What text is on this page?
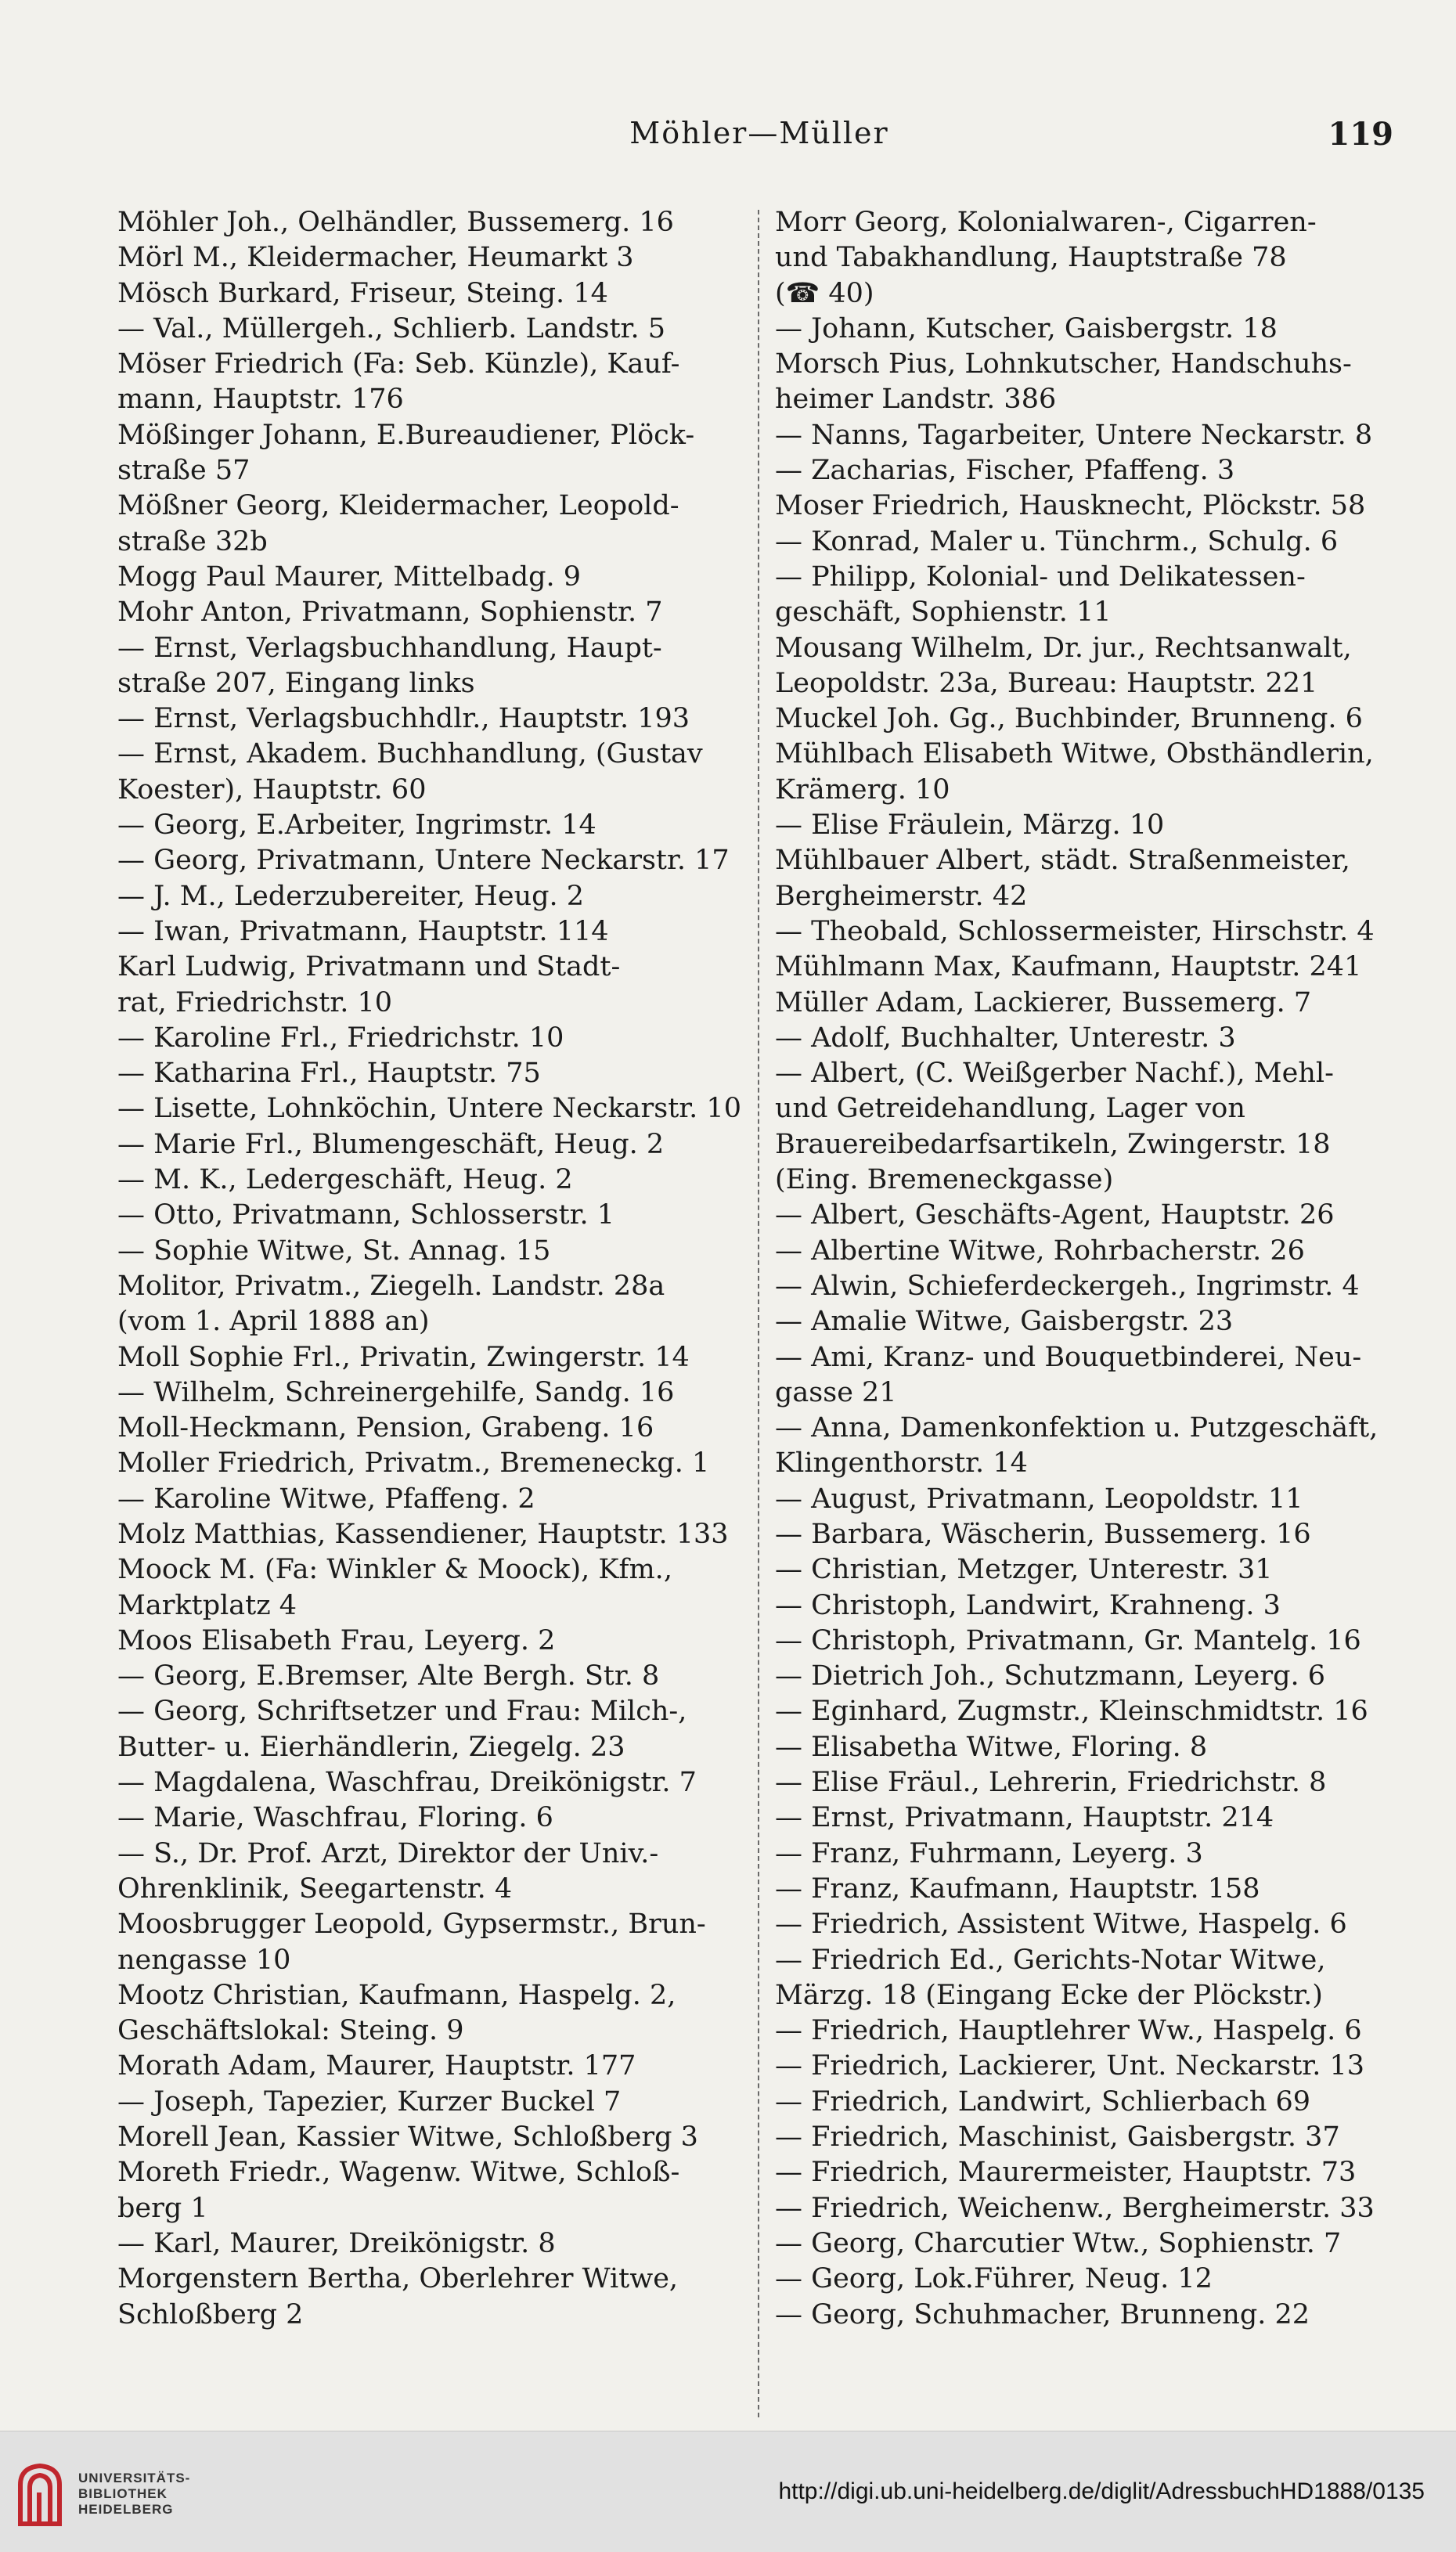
Möhler—Müller	119

Möhler Joh., Oelhändler, Bussemerg. 16

Mörl M., Kleidermacher, Heumarkt 3

Mösch Burkard, Friseur, Steing. 14

— Val., Müllergeh., Schlierb. Landstr. 5

Möser Friedrich (Fa: Seb. Künzle), Kauf-

mann, Hauptstr. 176

Mößinger Johann, E.Bureaudiener, Plöck-

straße 57

Mößner Georg, Kleidermacher, Leopold-

straße 32b

Mogg Paul Maurer, Mittelbadg. 9

Mohr Anton, Privatmann, Sophienstr. 7

— Ernst, Verlagsbuchhandlung, Haupt-

straße 207, Eingang links

— Ernst, Verlagsbuchhdlr., Hauptstr. 193

— Ernst, Akadem. Buchhandlung, (Gustav

Koester), Hauptstr. 60

— Georg, E.Arbeiter, Ingrimstr. 14

— Georg, Privatmann, Untere Neckarstr. 17

— J. M., Lederzubereiter, Heug. 2

— Iwan, Privatmann, Hauptstr. 114

Karl Ludwig, Privatmann und Stadt-

rat, Friedrichstr. 10

— Karoline Frl., Friedrichstr. 10

— Katharina Frl., Hauptstr. 75

— Lisette, Lohnköchin, Untere Neckarstr. 10

— Marie Frl., Blumengeschäft, Heug. 2

— M. K., Ledergeschäft, Heug. 2

— Otto, Privatmann, Schlosserstr. 1

— Sophie Witwe, St. Annag. 15

Molitor, Privatm., Ziegelh. Landstr. 28a

(vom 1. April 1888 an)

Moll Sophie Frl., Privatin, Zwingerstr. 14

— Wilhelm, Schreinergehilfe, Sandg. 16

Moll-Heckmann, Pension, Grabeng. 16

Moller Friedrich, Privatm., Bremeneckg. 1

— Karoline Witwe, Pfaffeng. 2

Molz Matthias, Kassendiener, Hauptstr. 133

Moock M. (Fa: Winkler & Moock), Kfm.,

Marktplatz 4

Moos Elisabeth Frau, Leyerg. 2

— Georg, E.Bremser, Alte Bergh. Str. 8

— Georg, Schriftsetzer und Frau: Milch-,

Butter- u. Eierhändlerin, Ziegelg. 23

— Magdalena, Waschfrau, Dreikönigstr. 7

— Marie, Waschfrau, Floring. 6

— S., Dr. Prof. Arzt, Direktor der Univ.-

Ohrenklinik, Seegartenstr. 4

Moosbrugger Leopold, Gypsermstr., Brun-

nengasse 10

Mootz Christian, Kaufmann, Haspelg. 2,

Geschäftslokal: Steing. 9

Morath Adam, Maurer, Hauptstr. 177

— Joseph, Tapezier, Kurzer Buckel 7

Morell Jean, Kassier Witwe, Schloßberg 3

Moreth Friedr., Wagenw. Witwe, Schloß-

berg 1

— Karl, Maurer, Dreikönigstr. 8

Morgenstern Bertha, Oberlehrer Witwe,

Schloßberg 2

Morr Georg, Kolonialwaren-, Cigarren-

und Tabakhandlung, Hauptstraße 78

(☎ 40)

— Johann, Kutscher, Gaisbergstr. 18

Morsch Pius, Lohnkutscher, Handschuhs-

heimer Landstr. 386

— Nanns, Tagarbeiter, Untere Neckarstr. 8

— Zacharias, Fischer, Pfaffeng. 3

Moser Friedrich, Hausknecht, Plöckstr. 58

— Konrad, Maler u. Tünchrm., Schulg. 6

— Philipp, Kolonial- und Delikatessen-

geschäft, Sophienstr. 11

Mousang Wilhelm, Dr. jur., Rechtsanwalt,

Leopoldstr. 23a, Bureau: Hauptstr. 221

Muckel Joh. Gg., Buchbinder, Brunneng. 6

Mühlbach Elisabeth Witwe, Obsthändlerin,

Krämerg. 10

— Elise Fräulein, Märzg. 10

Mühlbauer Albert, städt. Straßenmeister,

Bergheimerstr. 42

— Theobald, Schlossermeister, Hirschstr. 4

Mühlmann Max, Kaufmann, Hauptstr. 241

Müller Adam, Lackierer, Bussemerg. 7

— Adolf, Buchhalter, Unterestr. 3

— Albert, (C. Weißgerber Nachf.), Mehl-

und Getreidehandlung, Lager von

Brauereibedarfsartikeln, Zwingerstr. 18

(Eing. Bremeneckgasse)

— Albert, Geschäfts-Agent, Hauptstr. 26

— Albertine Witwe, Rohrbacherstr. 26

— Alwin, Schieferdeckergeh., Ingrimstr. 4

— Amalie Witwe, Gaisbergstr. 23

— Ami, Kranz- und Bouquetbinderei, Neu-

gasse 21

— Anna, Damenkonfektion u. Putzgeschäft,

Klingenthorstr. 14

— August, Privatmann, Leopoldstr. 11

— Barbara, Wäscherin, Bussemerg. 16

— Christian, Metzger, Unterestr. 31

— Christoph, Landwirt, Krahneng. 3

— Christoph, Privatmann, Gr. Mantelg. 16

— Dietrich Joh., Schutzmann, Leyerg. 6

— Eginhard, Zugmstr., Kleinschmidtstr. 16

— Elisabetha Witwe, Floring. 8

— Elise Fräul., Lehrerin, Friedrichstr. 8

— Ernst, Privatmann, Hauptstr. 214

— Franz, Fuhrmann, Leyerg. 3

— Franz, Kaufmann, Hauptstr. 158

— Friedrich, Assistent Witwe, Haspelg. 6

— Friedrich Ed., Gerichts-Notar Witwe,

Märzg. 18 (Eingang Ecke der Plöckstr.)

— Friedrich, Hauptlehrer Ww., Haspelg. 6

— Friedrich, Lackierer, Unt. Neckarstr. 13

— Friedrich, Landwirt, Schlierbach 69

— Friedrich, Maschinist, Gaisbergstr. 37

— Friedrich, Maurermeister, Hauptstr. 73

— Friedrich, Weichenw., Bergheimerstr. 33

— Georg, Charcutier Wtw., Sophienstr. 7

— Georg, Lok.Führer, Neug. 12

— Georg, Schuhmacher, Brunneng. 22

UNIVERSITÄTS-
BIBLIOTHEK
HEIDELBERG
http://digi.ub.uni-heidelberg.de/diglit/AdressbuchHD1888/0135
